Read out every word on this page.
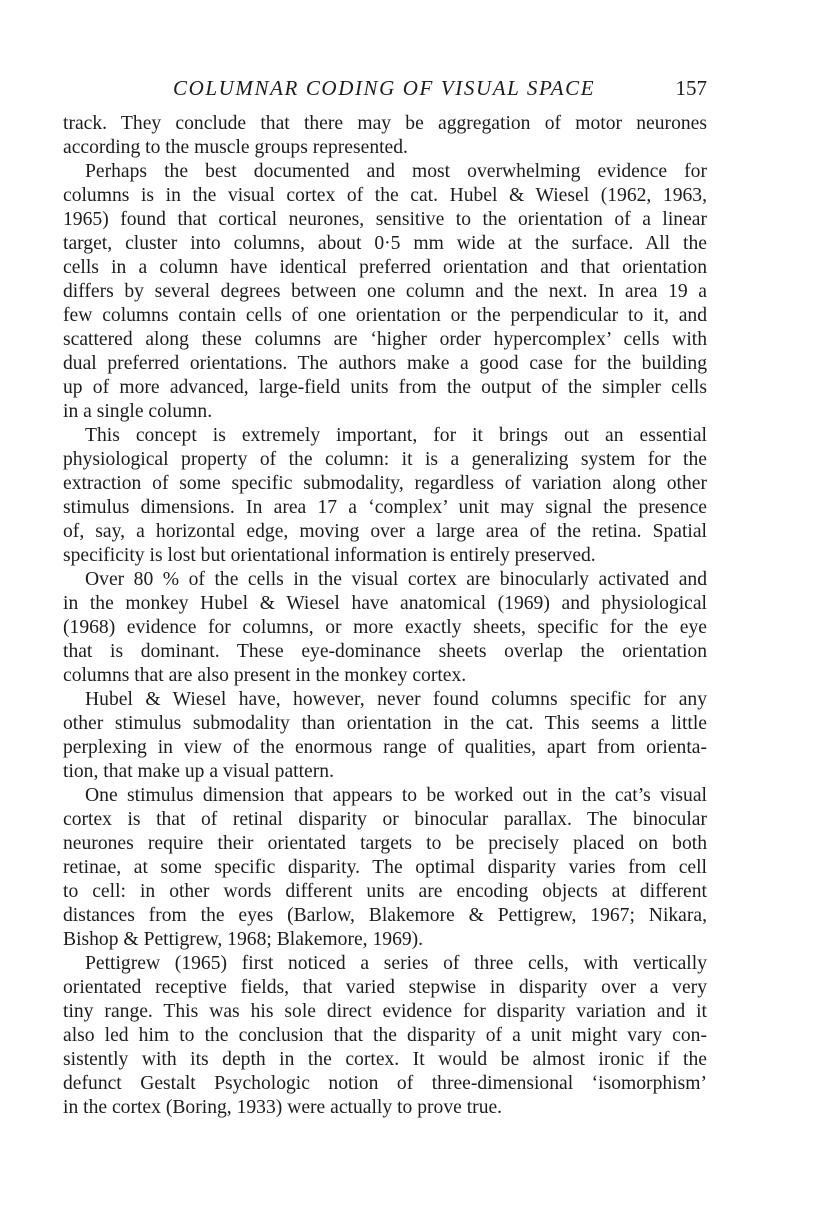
COLUMNAR CODING OF VISUAL SPACE	157

track. They conclude that there may be aggregation of motor neurones
according to the muscle groups represented.

Perhaps the best documented and most overwhelming evidence for
columns is in the visual cortex of the cat. Hubel & Wiesel (1962, 1963,
1965) found that cortical neurones, sensitive to the orientation of a linear
target, cluster into columns, about 0·5 mm wide at the surface. All the
cells in a column have identical preferred orientation and that orientation
differs by several degrees between one column and the next. In area 19 a
few columns contain cells of one orientation or the perpendicular to it, and
scattered along these columns are ‘higher order hypercomplex’ cells with
dual preferred orientations. The authors make a good case for the building
up of more advanced, large-field units from the output of the simpler cells
in a single column.

This concept is extremely important, for it brings out an essential
physiological property of the column: it is a generalizing system for the
extraction of some specific submodality, regardless of variation along other
stimulus dimensions. In area 17 a ‘complex’ unit may signal the presence
of, say, a horizontal edge, moving over a large area of the retina. Spatial
specificity is lost but orientational information is entirely preserved.

Over 80 % of the cells in the visual cortex are binocularly activated and
in the monkey Hubel & Wiesel have anatomical (1969) and physiological
(1968) evidence for columns, or more exactly sheets, specific for the eye
that is dominant. These eye-dominance sheets overlap the orientation
columns that are also present in the monkey cortex.

Hubel & Wiesel have, however, never found columns specific for any
other stimulus submodality than orientation in the cat. This seems a little
perplexing in view of the enormous range of qualities, apart from orienta-
tion, that make up a visual pattern.

One stimulus dimension that appears to be worked out in the cat’s visual
cortex is that of retinal disparity or binocular parallax. The binocular
neurones require their orientated targets to be precisely placed on both
retinae, at some specific disparity. The optimal disparity varies from cell
to cell: in other words different units are encoding objects at different
distances from the eyes (Barlow, Blakemore & Pettigrew, 1967; Nikara,
Bishop & Pettigrew, 1968; Blakemore, 1969).

Pettigrew (1965) first noticed a series of three cells, with vertically
orientated receptive fields, that varied stepwise in disparity over a very
tiny range. This was his sole direct evidence for disparity variation and it
also led him to the conclusion that the disparity of a unit might vary con-
sistently with its depth in the cortex. It would be almost ironic if the
defunct Gestalt Psychologic notion of three-dimensional ‘isomorphism’
in the cortex (Boring, 1933) were actually to prove true.
